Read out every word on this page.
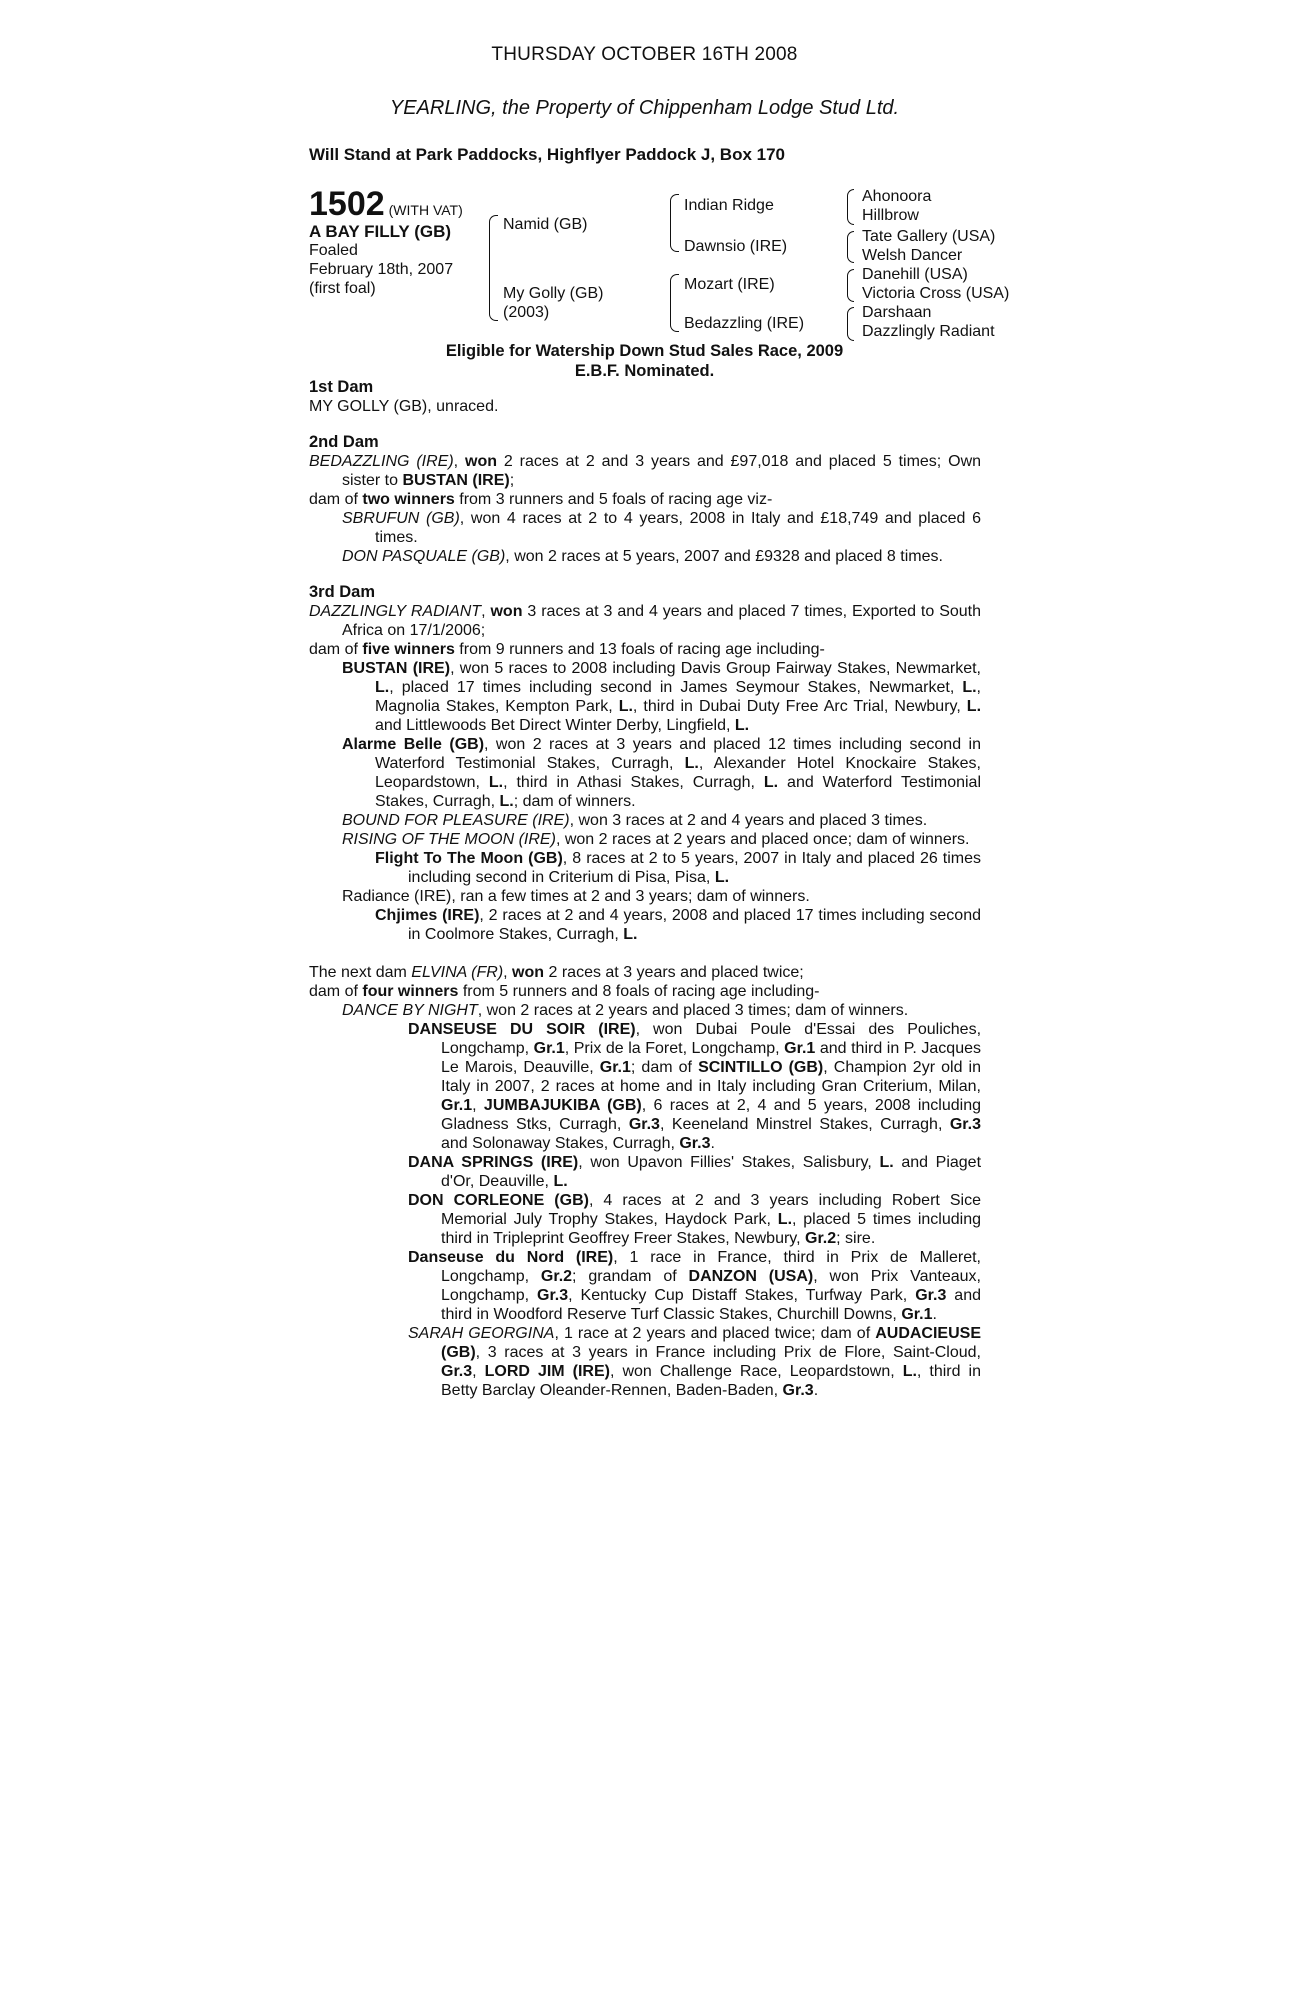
THURSDAY OCTOBER 16TH 2008
YEARLING, the Property of Chippenham Lodge Stud Ltd.
Will Stand at Park Paddocks, Highflyer Paddock J, Box 170
1502 (WITH VAT)
A BAY FILLY (GB)
Foaled
February 18th, 2007
(first foal)
Namid (GB)
My Golly (GB)
(2003)
Indian Ridge
Dawnsio (IRE)
Mozart (IRE)
Bedazzling (IRE)
Ahonoora
Hillbrow
Tate Gallery (USA)
Welsh Dancer
Danehill (USA)
Victoria Cross (USA)
Darshaan
Dazzlingly Radiant
Eligible for Watership Down Stud Sales Race, 2009
E.B.F. Nominated.
1st Dam

MY GOLLY (GB), unraced.

2nd Dam

BEDAZZLING (IRE), won 2 races at 2 and 3 years and £97,018 and placed 5 times; Own sister to BUSTAN (IRE);

dam of two winners from 3 runners and 5 foals of racing age viz-

SBRUFUN (GB), won 4 races at 2 to 4 years, 2008 in Italy and £18,749 and placed 6 times.

DON PASQUALE (GB), won 2 races at 5 years, 2007 and £9328 and placed 8 times.

3rd Dam

DAZZLINGLY RADIANT, won 3 races at 3 and 4 years and placed 7 times, Exported to South Africa on 17/1/2006;

dam of five winners from 9 runners and 13 foals of racing age including-

BUSTAN (IRE), won 5 races to 2008 including Davis Group Fairway Stakes, Newmarket, L., placed 17 times including second in James Seymour Stakes, Newmarket, L., Magnolia Stakes, Kempton Park, L., third in Dubai Duty Free Arc Trial, Newbury, L. and Littlewoods Bet Direct Winter Derby, Lingfield, L.

Alarme Belle (GB), won 2 races at 3 years and placed 12 times including second in Waterford Testimonial Stakes, Curragh, L., Alexander Hotel Knockaire Stakes, Leopardstown, L., third in Athasi Stakes, Curragh, L. and Waterford Testimonial Stakes, Curragh, L.; dam of winners.

BOUND FOR PLEASURE (IRE), won 3 races at 2 and 4 years and placed 3 times.

RISING OF THE MOON (IRE), won 2 races at 2 years and placed once; dam of winners.

Flight To The Moon (GB), 8 races at 2 to 5 years, 2007 in Italy and placed 26 times including second in Criterium di Pisa, Pisa, L.

Radiance (IRE), ran a few times at 2 and 3 years; dam of winners.

Chjimes (IRE), 2 races at 2 and 4 years, 2008 and placed 17 times including second in Coolmore Stakes, Curragh, L.

The next dam ELVINA (FR), won 2 races at 3 years and placed twice;

dam of four winners from 5 runners and 8 foals of racing age including-

DANCE BY NIGHT, won 2 races at 2 years and placed 3 times; dam of winners.

DANSEUSE DU SOIR (IRE), won Dubai Poule d'Essai des Pouliches, Longchamp, Gr.1, Prix de la Foret, Longchamp, Gr.1 and third in P. Jacques Le Marois, Deauville, Gr.1; dam of SCINTILLO (GB), Champion 2yr old in Italy in 2007, 2 races at home and in Italy including Gran Criterium, Milan, Gr.1, JUMBAJUKIBA (GB), 6 races at 2, 4 and 5 years, 2008 including Gladness Stks, Curragh, Gr.3, Keeneland Minstrel Stakes, Curragh, Gr.3 and Solonaway Stakes, Curragh, Gr.3.

DANA SPRINGS (IRE), won Upavon Fillies' Stakes, Salisbury, L. and Piaget d'Or, Deauville, L.

DON CORLEONE (GB), 4 races at 2 and 3 years including Robert Sice Memorial July Trophy Stakes, Haydock Park, L., placed 5 times including third in Tripleprint Geoffrey Freer Stakes, Newbury, Gr.2; sire.

Danseuse du Nord (IRE), 1 race in France, third in Prix de Malleret, Longchamp, Gr.2; grandam of DANZON (USA), won Prix Vanteaux, Longchamp, Gr.3, Kentucky Cup Distaff Stakes, Turfway Park, Gr.3 and third in Woodford Reserve Turf Classic Stakes, Churchill Downs, Gr.1.

SARAH GEORGINA, 1 race at 2 years and placed twice; dam of AUDACIEUSE (GB), 3 races at 3 years in France including Prix de Flore, Saint-Cloud, Gr.3, LORD JIM (IRE), won Challenge Race, Leopardstown, L., third in Betty Barclay Oleander-Rennen, Baden-Baden, Gr.3.
